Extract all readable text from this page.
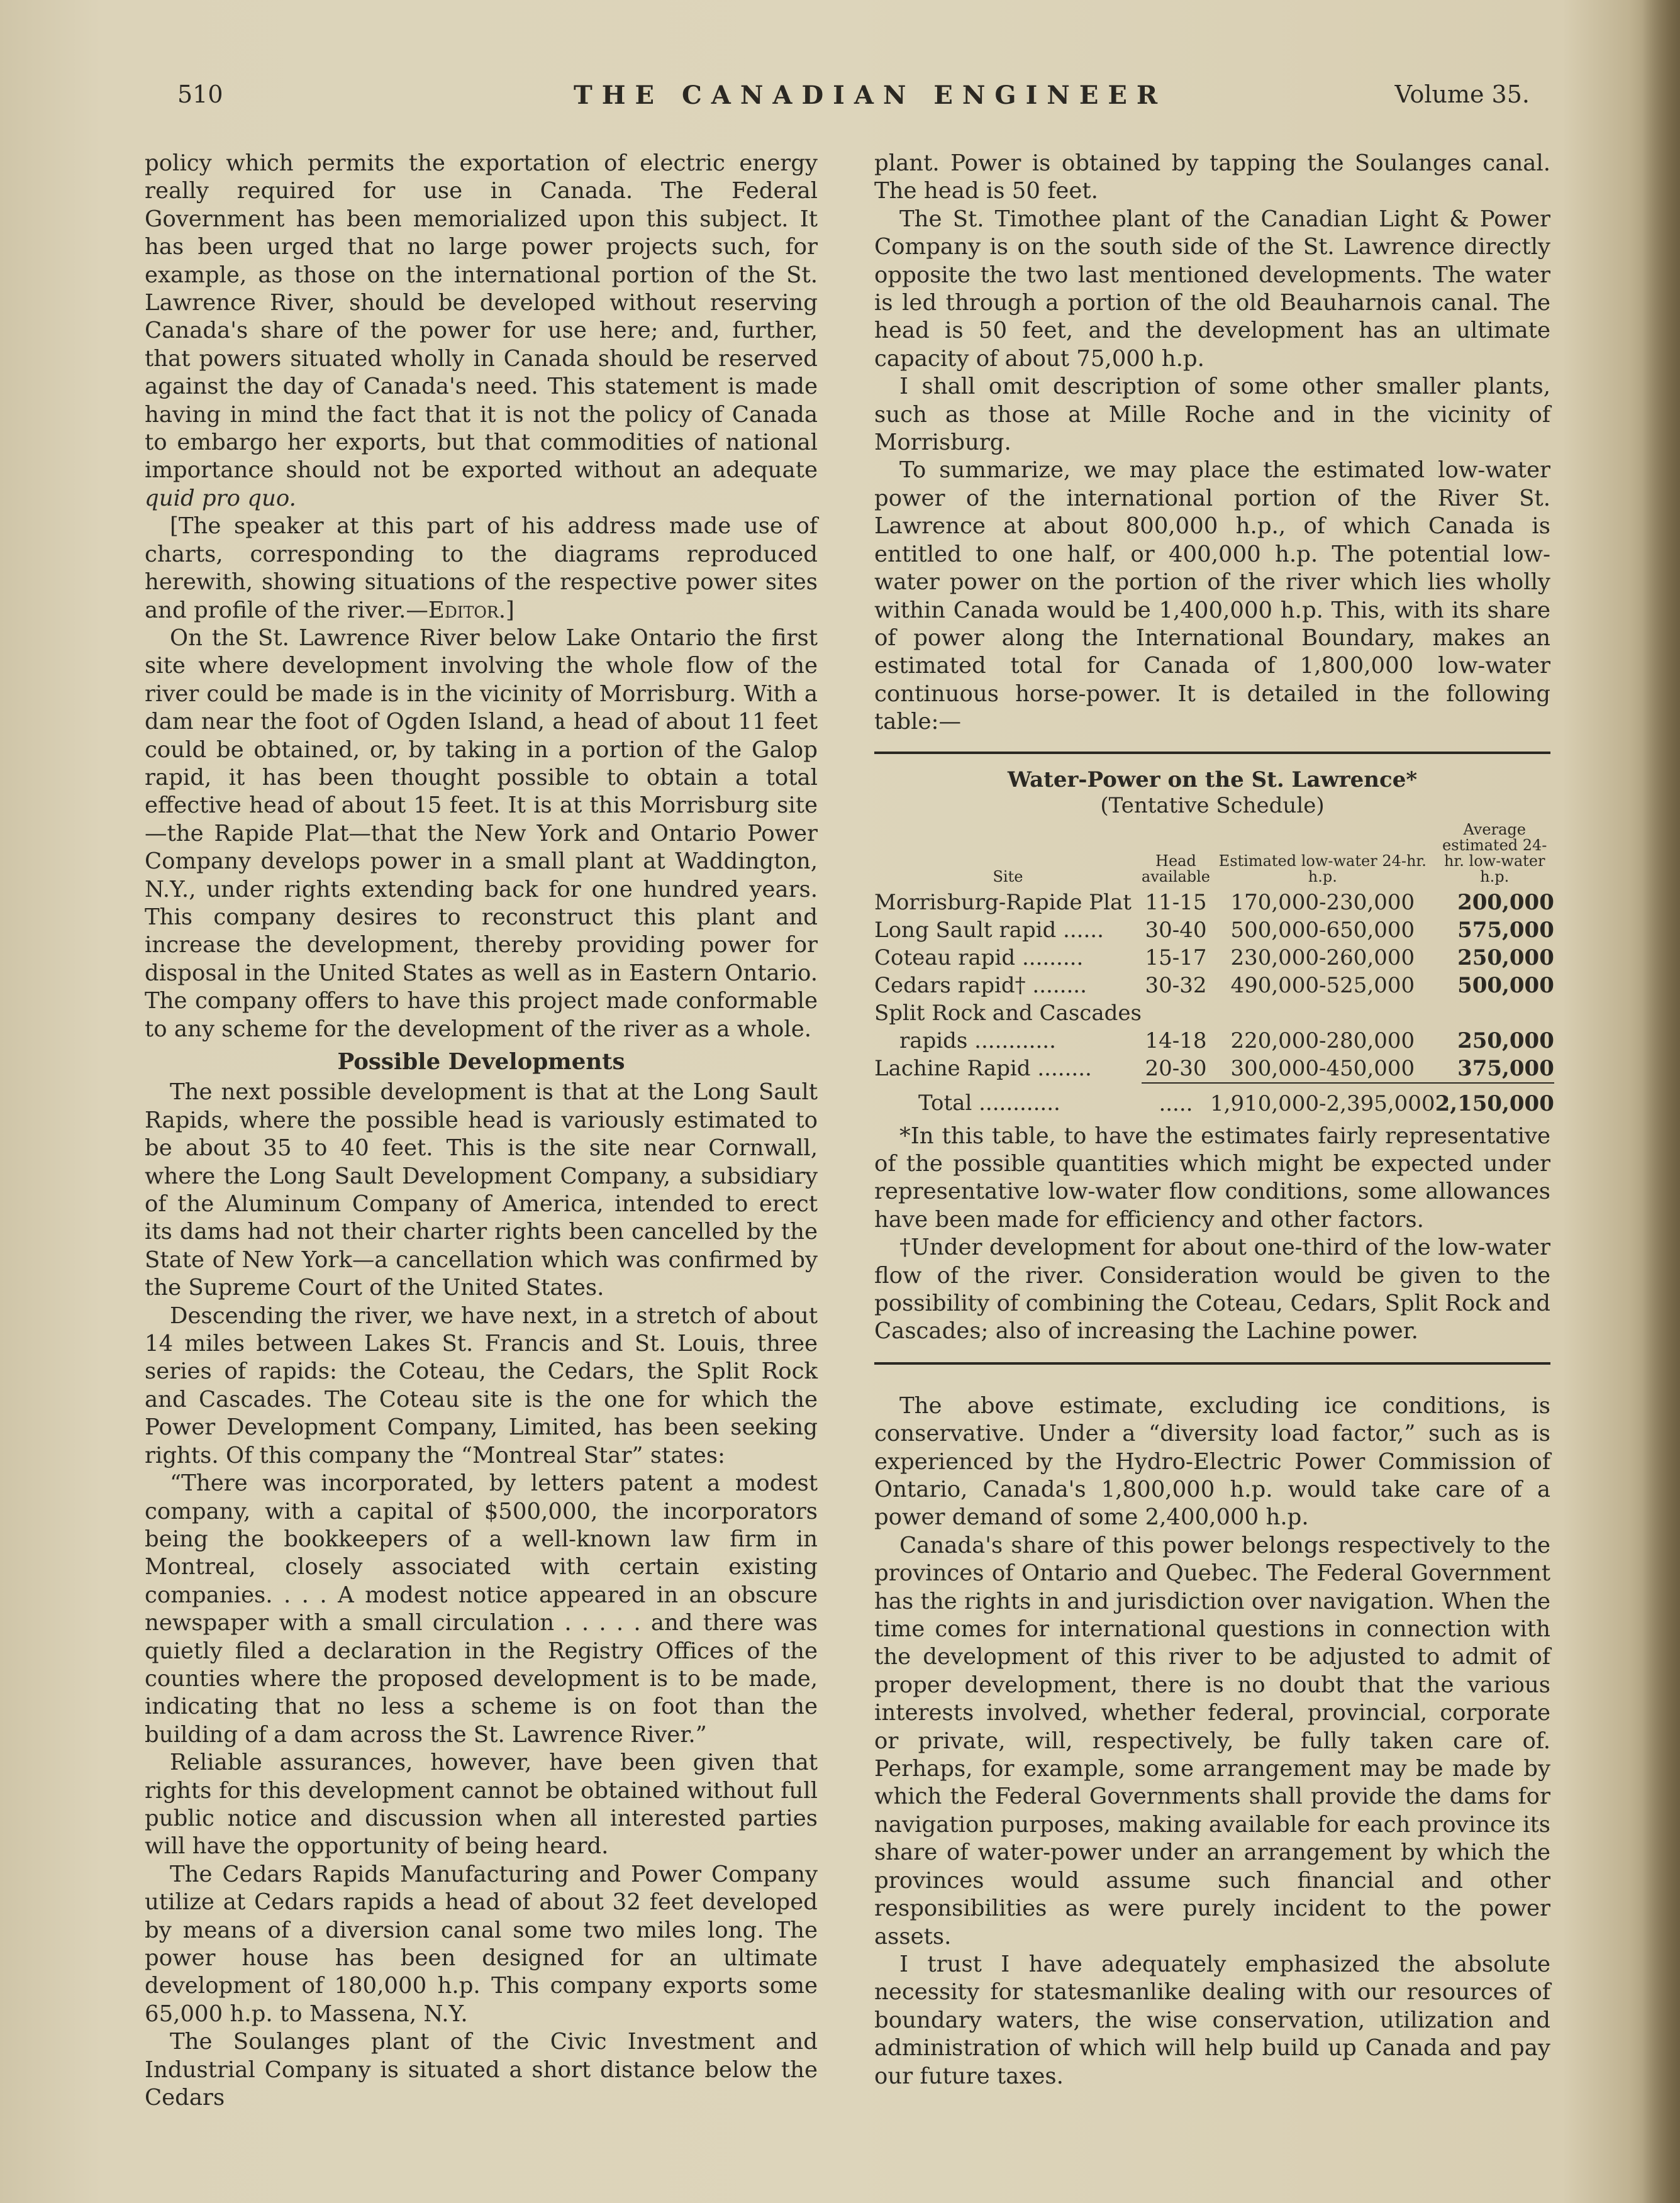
510	THE CANADIAN ENGINEER	Volume 35.

policy which permits the exportation of electric energy really required for use in Canada. The Federal Government has been memorialized upon this subject. It has been urged that no large power projects such, for example, as those on the international portion of the St. Lawrence River, should be developed without reserving Canada's share of the power for use here; and, further, that powers situated wholly in Canada should be reserved against the day of Canada's need. This statement is made having in mind the fact that it is not the policy of Canada to embargo her exports, but that commodities of national importance should not be exported without an adequate quid pro quo.

[The speaker at this part of his address made use of charts, corresponding to the diagrams reproduced herewith, showing situations of the respective power sites and profile of the river.—Editor.]

On the St. Lawrence River below Lake Ontario the first site where development involving the whole flow of the river could be made is in the vicinity of Morrisburg. With a dam near the foot of Ogden Island, a head of about 11 feet could be obtained, or, by taking in a portion of the Galop rapid, it has been thought possible to obtain a total effective head of about 15 feet. It is at this Morrisburg site—the Rapide Plat—that the New York and Ontario Power Company develops power in a small plant at Waddington, N.Y., under rights extending back for one hundred years. This company desires to reconstruct this plant and increase the development, thereby providing power for disposal in the United States as well as in Eastern Ontario. The company offers to have this project made conformable to any scheme for the development of the river as a whole.

Possible Developments

The next possible development is that at the Long Sault Rapids, where the possible head is variously estimated to be about 35 to 40 feet. This is the site near Cornwall, where the Long Sault Development Company, a subsidiary of the Aluminum Company of America, intended to erect its dams had not their charter rights been cancelled by the State of New York—a cancellation which was confirmed by the Supreme Court of the United States.

Descending the river, we have next, in a stretch of about 14 miles between Lakes St. Francis and St. Louis, three series of rapids: the Coteau, the Cedars, the Split Rock and Cascades. The Coteau site is the one for which the Power Development Company, Limited, has been seeking rights. Of this company the “Montreal Star” states:

“There was incorporated, by letters patent a modest company, with a capital of $500,000, the incorporators being the bookkeepers of a well-known law firm in Montreal, closely associated with certain existing companies. . . . A modest notice appeared in an obscure newspaper with a small circulation . . . . . and there was quietly filed a declaration in the Registry Offices of the counties where the proposed development is to be made, indicating that no less a scheme is on foot than the building of a dam across the St. Lawrence River.”

Reliable assurances, however, have been given that rights for this development cannot be obtained without full public notice and discussion when all interested parties will have the opportunity of being heard.

The Cedars Rapids Manufacturing and Power Company utilize at Cedars rapids a head of about 32 feet developed by means of a diversion canal some two miles long. The power house has been designed for an ultimate development of 180,000 h.p. This company exports some 65,000 h.p. to Massena, N.Y.

The Soulanges plant of the Civic Investment and Industrial Company is situated a short distance below the Cedars

plant. Power is obtained by tapping the Soulanges canal. The head is 50 feet.

The St. Timothee plant of the Canadian Light & Power Company is on the south side of the St. Lawrence directly opposite the two last mentioned developments. The water is led through a portion of the old Beauharnois canal. The head is 50 feet, and the development has an ultimate capacity of about 75,000 h.p.

I shall omit description of some other smaller plants, such as those at Mille Roche and in the vicinity of Morrisburg.

To summarize, we may place the estimated low-water power of the international portion of the River St. Lawrence at about 800,000 h.p., of which Canada is entitled to one half, or 400,000 h.p. The potential low-water power on the portion of the river which lies wholly within Canada would be 1,400,000 h.p. This, with its share of power along the International Boundary, makes an estimated total for Canada of 1,800,000 low-water continuous horse-power. It is detailed in the following table:—

Water-Power on the St. Lawrence*
(Tentative Schedule)
Site	Head available	Estimated low-water 24-hr. h.p.	Average estimated 24-hr. low-water h.p.
Morrisburg-Rapide Plat	11-15	170,000-230,000	200,000
Long Sault rapid ......	30-40	500,000-650,000	575,000
Coteau rapid .........	15-17	230,000-260,000	250,000
Cedars rapid† ........	30-32	490,000-525,000	500,000
Split Rock and Cascades			
rapids ............	14-18	220,000-280,000	250,000
Lachine Rapid ........	20-30	300,000-450,000	375,000
Total ............	.....	1,910,000-2,395,000	2,150,000
*In this table, to have the estimates fairly representative of the possible quantities which might be expected under representative low-water flow conditions, some allowances have been made for efficiency and other factors.
†Under development for about one-third of the low-water flow of the river. Consideration would be given to the possibility of combining the Coteau, Cedars, Split Rock and Cascades; also of increasing the Lachine power.

The above estimate, excluding ice conditions, is conservative. Under a “diversity load factor,” such as is experienced by the Hydro-Electric Power Commission of Ontario, Canada's 1,800,000 h.p. would take care of a power demand of some 2,400,000 h.p.

Canada's share of this power belongs respectively to the provinces of Ontario and Quebec. The Federal Government has the rights in and jurisdiction over navigation. When the time comes for international questions in connection with the development of this river to be adjusted to admit of proper development, there is no doubt that the various interests involved, whether federal, provincial, corporate or private, will, respectively, be fully taken care of. Perhaps, for example, some arrangement may be made by which the Federal Governments shall provide the dams for navigation purposes, making available for each province its share of water-power under an arrangement by which the provinces would assume such financial and other responsibilities as were purely incident to the power assets.

I trust I have adequately emphasized the absolute necessity for statesmanlike dealing with our resources of boundary waters, the wise conservation, utilization and administration of which will help build up Canada and pay our future taxes.
